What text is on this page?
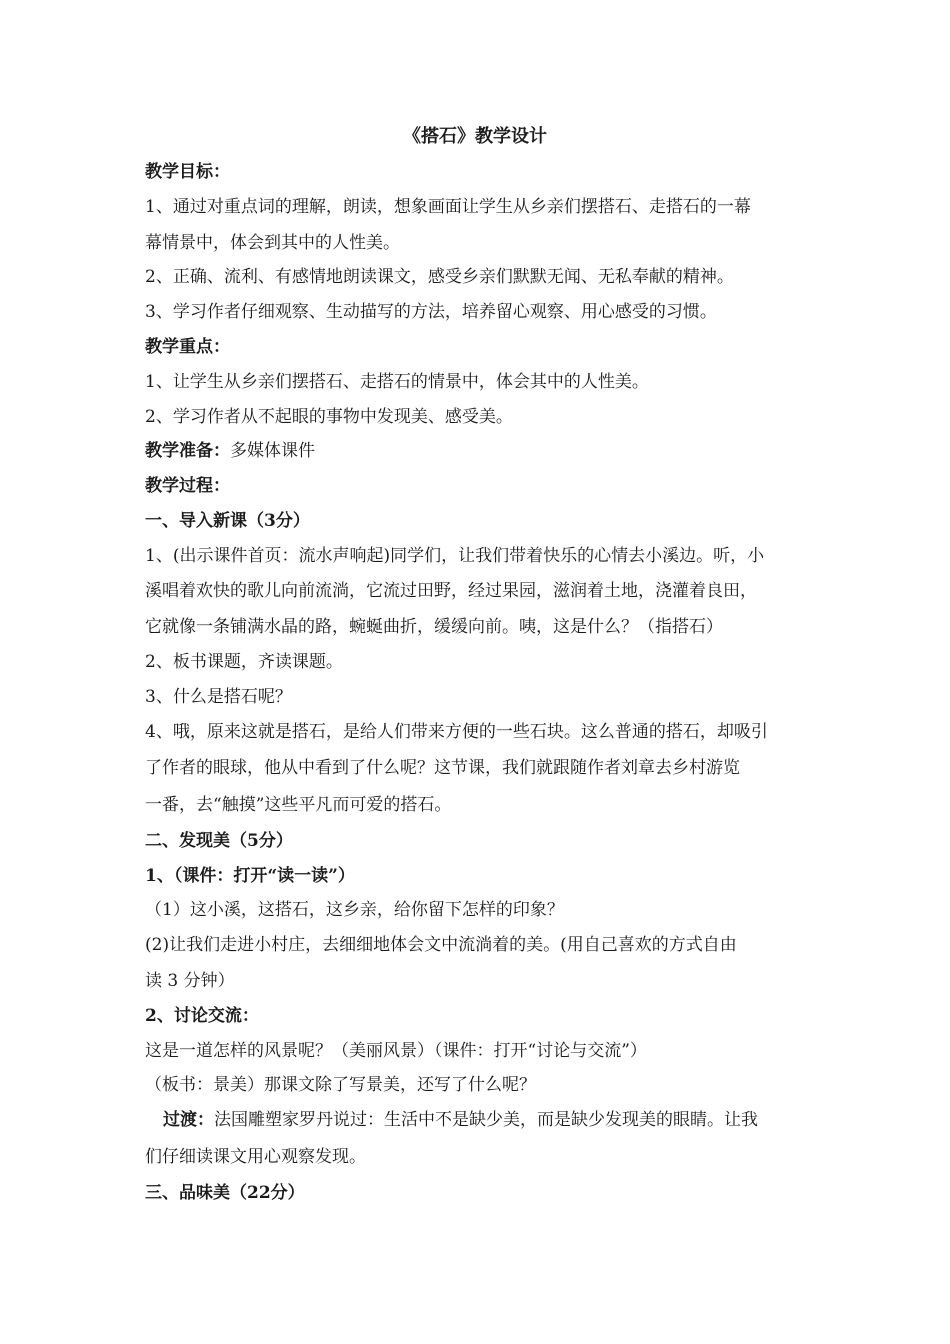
《搭石》教学设计
教学目标：
1、通过对重点词的理解，朗读，想象画面让学生从乡亲们摆搭石、走搭石的一幕
幕情景中，体会到其中的人性美。
2、正确、流利、有感情地朗读课文，感受乡亲们默默无闻、无私奉献的精神。
3、学习作者仔细观察、生动描写的方法，培养留心观察、用心感受的习惯。
教学重点：
1、让学生从乡亲们摆搭石、走搭石的情景中，体会其中的人性美。
2、学习作者从不起眼的事物中发现美、感受美。
教学准备：多媒体课件
教学过程：
一、导入新课（3分）
1、(出示课件首页：流水声响起)同学们，让我们带着快乐的心情去小溪边。听，小
溪唱着欢快的歌儿向前流淌，它流过田野，经过果园，滋润着土地，浇灌着良田，
它就像一条铺满水晶的路，蜿蜒曲折，缓缓向前。咦，这是什么？（指搭石）
2、板书课题，齐读课题。
3、什么是搭石呢？
4、哦，原来这就是搭石，是给人们带来方便的一些石块。这么普通的搭石，却吸引
了作者的眼球，他从中看到了什么呢？这节课，我们就跟随作者刘章去乡村游览
一番，去“触摸”这些平凡而可爱的搭石。
二、发现美（5分）
1、（课件：打开“读一读”）
（1）这小溪，这搭石，这乡亲，给你留下怎样的印象？
(2)让我们走进小村庄，去细细地体会文中流淌着的美。(用自己喜欢的方式自由
读 3 分钟）
2、讨论交流：
这是一道怎样的风景呢？（美丽风景）（课件：打开“讨论与交流”）
（板书：景美）那课文除了写景美，还写了什么呢？
过渡：法国雕塑家罗丹说过：生活中不是缺少美，而是缺少发现美的眼睛。让我
们仔细读课文用心观察发现。
三、品味美（22分）
